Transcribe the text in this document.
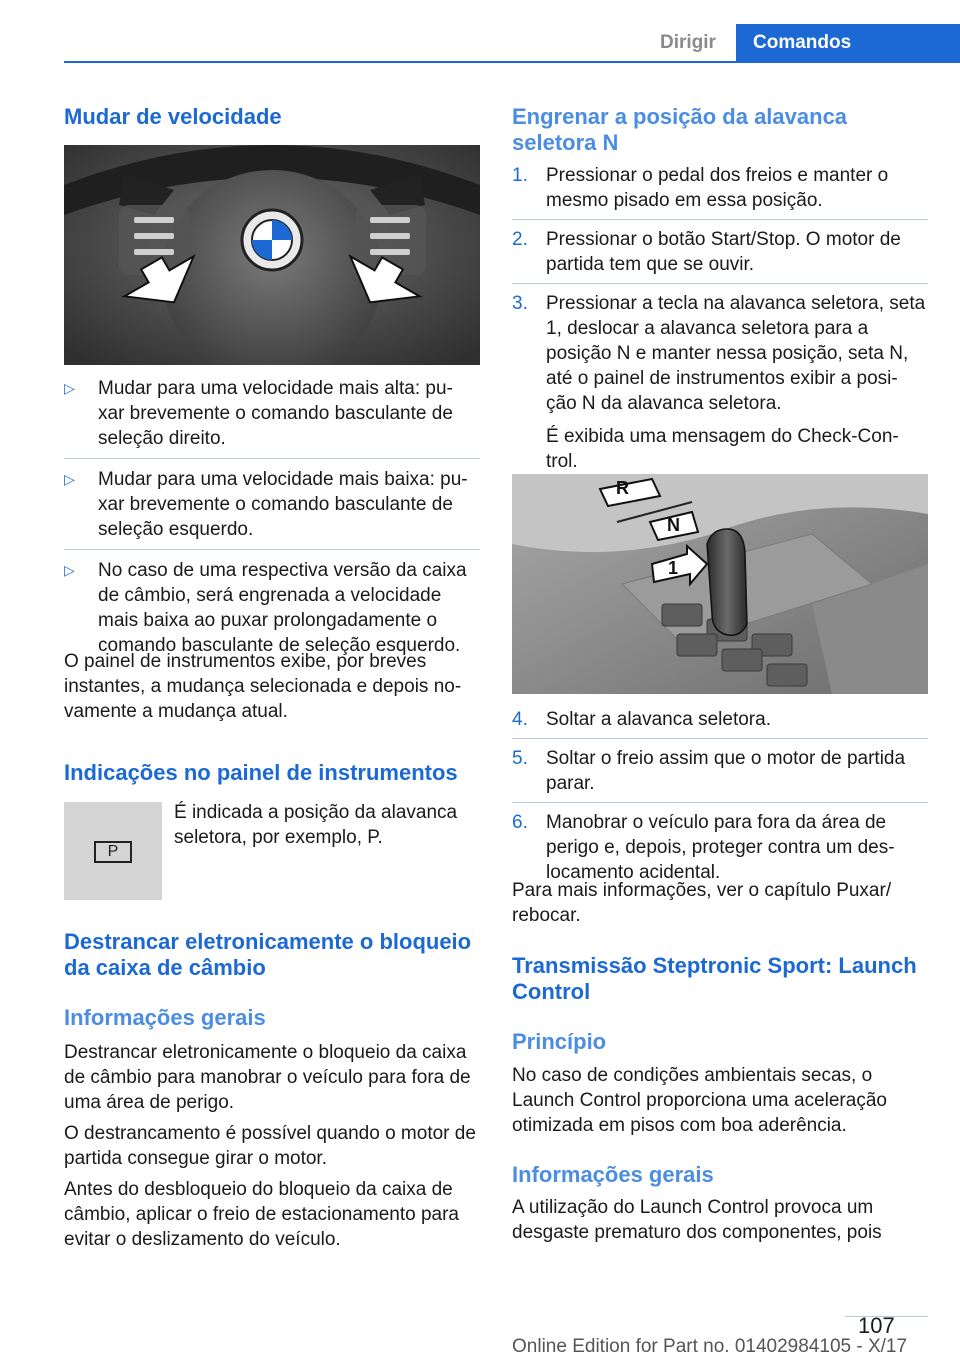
Dirigir	Comandos
Mudar de velocidade
▷	Mudar para uma velocidade mais alta: pu‐ xar brevemente o comando basculante de seleção direito.
▷	Mudar para uma velocidade mais baixa: pu‐ xar brevemente o comando basculante de seleção esquerdo.
▷	No caso de uma respectiva versão da caixa de câmbio, será engrenada a velocidade mais baixa ao puxar prolongadamente o comando basculante de seleção esquerdo.

O painel de instrumentos exibe, por breves instantes, a mudança selecionada e depois no‐ vamente a mudança atual.

Indicações no painel de instrumentos
P

É indicada a posição da alavanca seletora, por exemplo, P.

Destrancar eletronicamente o bloqueio da caixa de câmbio
Informações gerais

Destrancar eletronicamente o bloqueio da caixa de câmbio para manobrar o veículo para fora de uma área de perigo.

O destrancamento é possível quando o motor de partida consegue girar o motor.

Antes do desbloqueio do bloqueio da caixa de câmbio, aplicar o freio de estacionamento para evitar o deslizamento do veículo.

Engrenar a posição da alavanca seletora N
1. Pressionar o pedal dos freios e manter o mesmo pisado em essa posição.
2. Pressionar o botão Start/Stop. O motor de partida tem que se ouvir.
3. Pressionar a tecla na alavanca seletora, seta 1, deslocar a alavanca seletora para a posição N e manter nessa posição, seta N, até o painel de instrumentos exibir a posi‐ ção N da alavanca seletora.
É exibida uma mensagem do Check-Con‐ trol.
R
N
1
4. Soltar a alavanca seletora.
5. Soltar o freio assim que o motor de partida parar.
6. Manobrar o veículo para fora da área de perigo e, depois, proteger contra um des‐ locamento acidental.

Para mais informações, ver o capítulo Puxar/ rebocar.

Transmissão Steptronic Sport: Launch Control
Princípio

No caso de condições ambientais secas, o Launch Control proporciona uma aceleração otimizada em pisos com boa aderência.

Informações gerais

A utilização do Launch Control provoca um desgaste prematuro dos componentes, pois

107
Online Edition for Part no. 01402984105 - X/17
